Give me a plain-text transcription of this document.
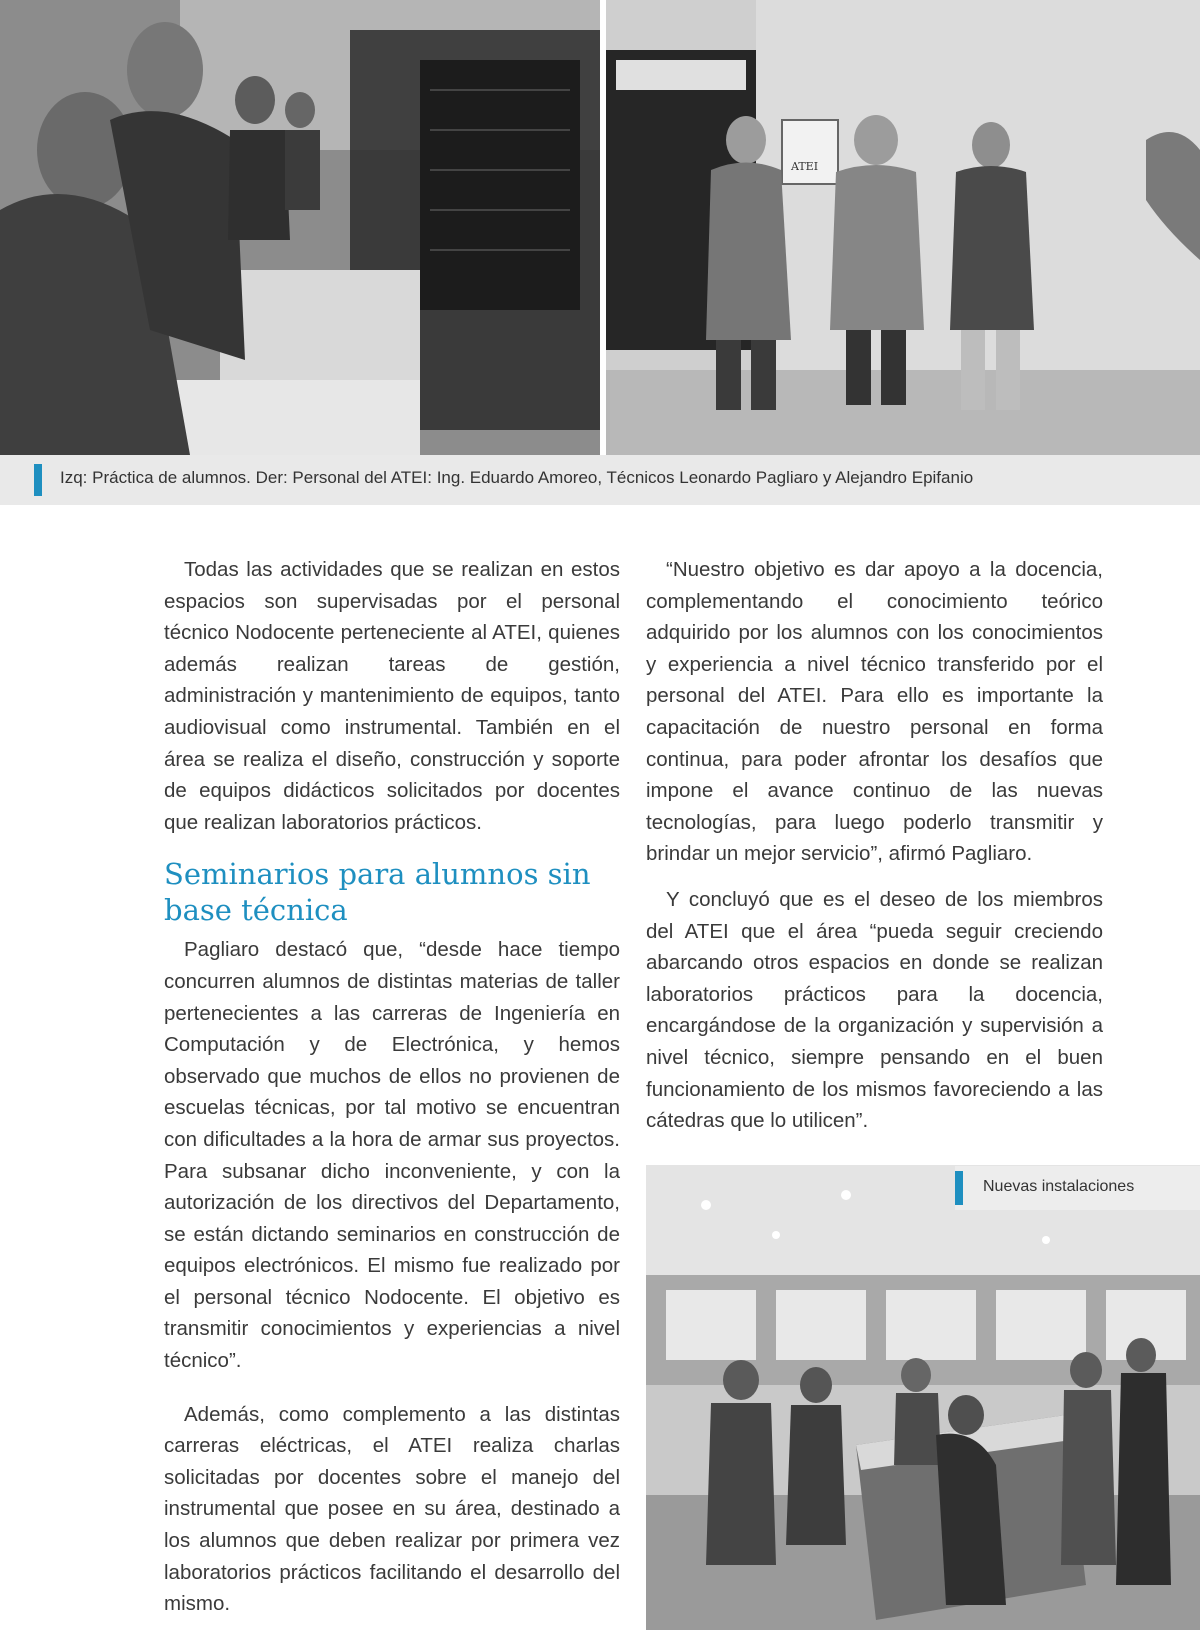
ATEI
Izq: Práctica de alumnos. Der: Personal del ATEI: Ing. Eduardo Amoreo, Técnicos Leonardo Pagliaro y Alejandro Epifanio

Todas las actividades que se realizan en estos espacios son supervisadas por el personal técnico Nodocente perteneciente al ATEI, quienes además realizan tareas de gestión, administración y mantenimiento de equipos, tanto audiovisual como instrumental. También en el área se realiza el diseño, construcción y soporte de equipos didácticos solicitados por docentes que realizan laboratorios prácticos.

Seminarios para alumnos sin base técnica

Pagliaro destacó que, “desde hace tiempo concurren alumnos de distintas materias de taller pertenecientes a las carreras de Ingeniería en Computación y de Electrónica, y hemos observado que muchos de ellos no provienen de escuelas técnicas, por tal motivo se encuentran con dificultades a la hora de armar sus proyectos. Para subsanar dicho inconveniente, y con la autorización de los directivos del Departamento, se están dictando seminarios en construcción de equipos electrónicos. El mismo fue realizado por el personal técnico Nodocente. El objetivo es transmitir conocimientos y experiencias a nivel técnico”.

Además, como complemento a las distintas carreras eléctricas, el ATEI realiza charlas solicitadas por docentes sobre el manejo del instrumental que posee en su área, destinado a los alumnos que deben realizar por primera vez laboratorios prácticos facilitando el desarrollo del mismo.

“Nuestro objetivo es dar apoyo a la docencia, complementando el conocimiento teórico adquirido por los alumnos con los conocimientos y experiencia a nivel técnico transferido por el personal del ATEI. Para ello es importante la capacitación de nuestro personal en forma continua, para poder afrontar los desafíos que impone el avance continuo de las nuevas tecnologías, para luego poderlo transmitir y brindar un mejor servicio”, afirmó Pagliaro.

Y concluyó que es el deseo de los miembros del ATEI que el área “pueda seguir creciendo abarcando otros espacios en donde se realizan laboratorios prácticos para la docencia, encargándose de la organización y supervisión a nivel técnico, siempre pensando en el buen funcionamiento de los mismos favoreciendo a las cátedras que lo utilicen”.

Nuevas instalaciones
